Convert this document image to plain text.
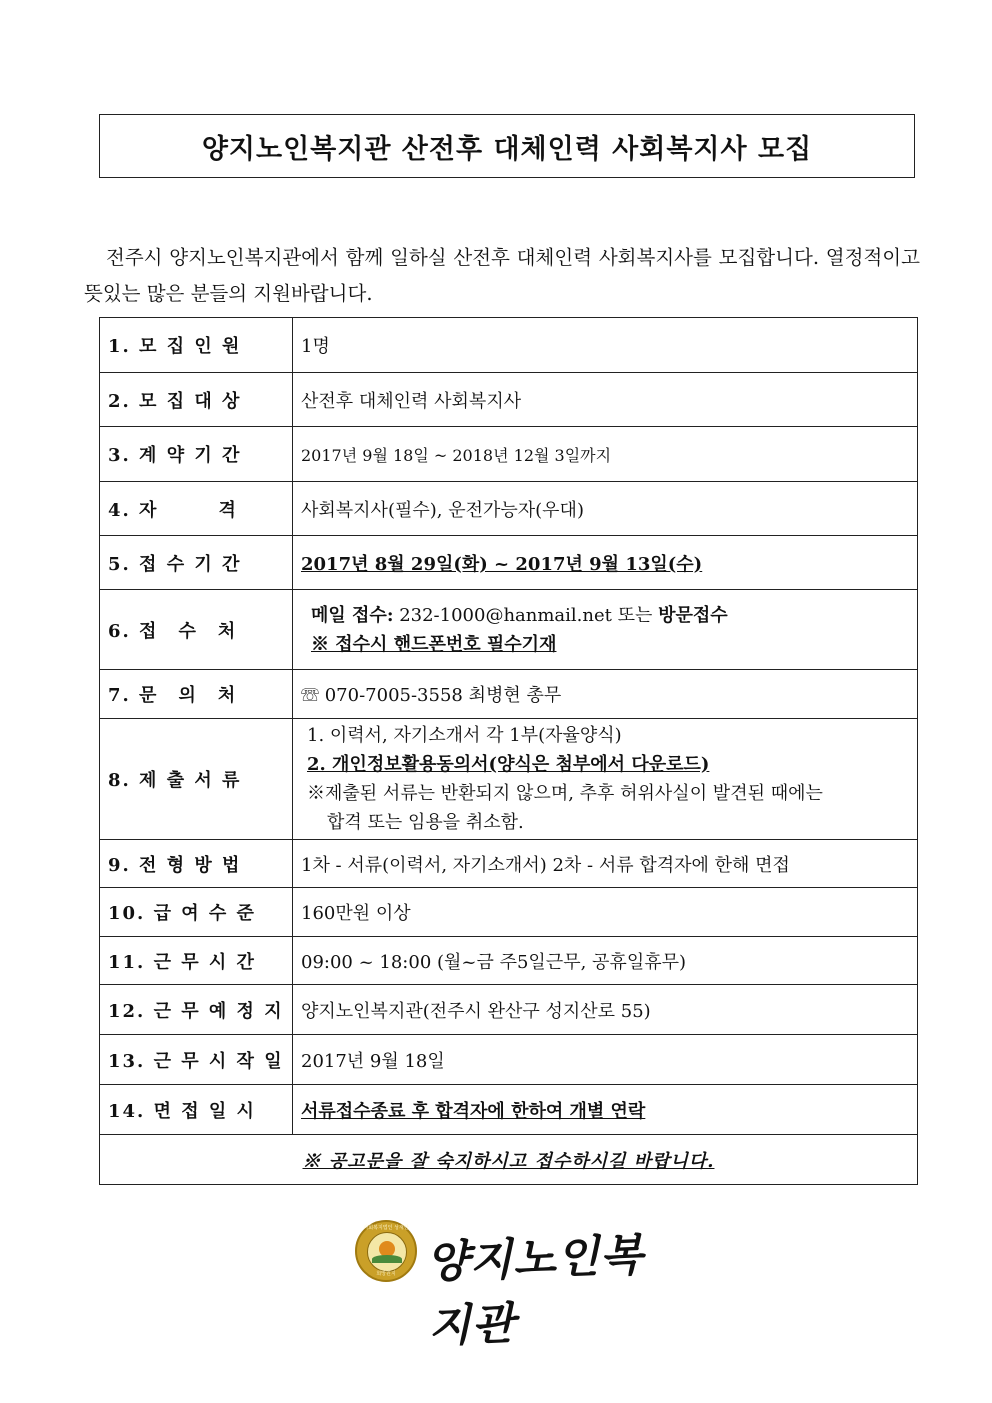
양지노인복지관 산전후 대체인력 사회복지사 모집
전주시 양지노인복지관에서 함께 일하실 산전후 대체인력 사회복지사를 모집합니다. 열정적이고 뜻있는 많은 분들의 지원바랍니다.
1. 모 집 인 원	1명
2. 모 집 대 상	산전후 대체인력 사회복지사
3. 계 약 기 간	2017년 9월 18일 ~ 2018년 12월 3일까지
4. 자　　　격	사회복지사(필수), 운전가능자(우대)
5. 접 수 기 간	2017년 8월 29일(화) ~ 2017년 9월 13일(수)
6. 접　수　처	메일 접수: 232-1000@hanmail.net 또는 방문접수
※ 접수시 핸드폰번호 필수기재

7. 문　의　처	☏ 070-7005-3558 최병현 총무
8. 제 출 서 류	1. 이력서, 자기소개서 각 1부(자율양식)
2. 개인정보활용동의서(양식은 첨부에서 다운로드)
※제출된 서류는 반환되지 않으며, 추후 허위사실이 발견된 때에는
합격 또는 임용을 취소함.

9. 전 형 방 법	1차 - 서류(이력서, 자기소개서) 2차 - 서류 합격자에 한해 면접
10. 급 여 수 준	160만원 이상
11. 근 무 시 간	09:00 ~ 18:00 (월~금 주5일근무, 공휴일휴무)
12. 근 무 예 정 지	양지노인복지관(전주시 완산구 성지산로 55)
13. 근 무 시 작 일	2017년 9월 18일
14. 면 접 일 시	서류접수종료 후 합격자에 한하여 개별 연락
※ 공고문을 잘 숙지하시고 접수하시길 바랍니다.	
사회복지법인 성재단
희망원지 양지노인복지관
